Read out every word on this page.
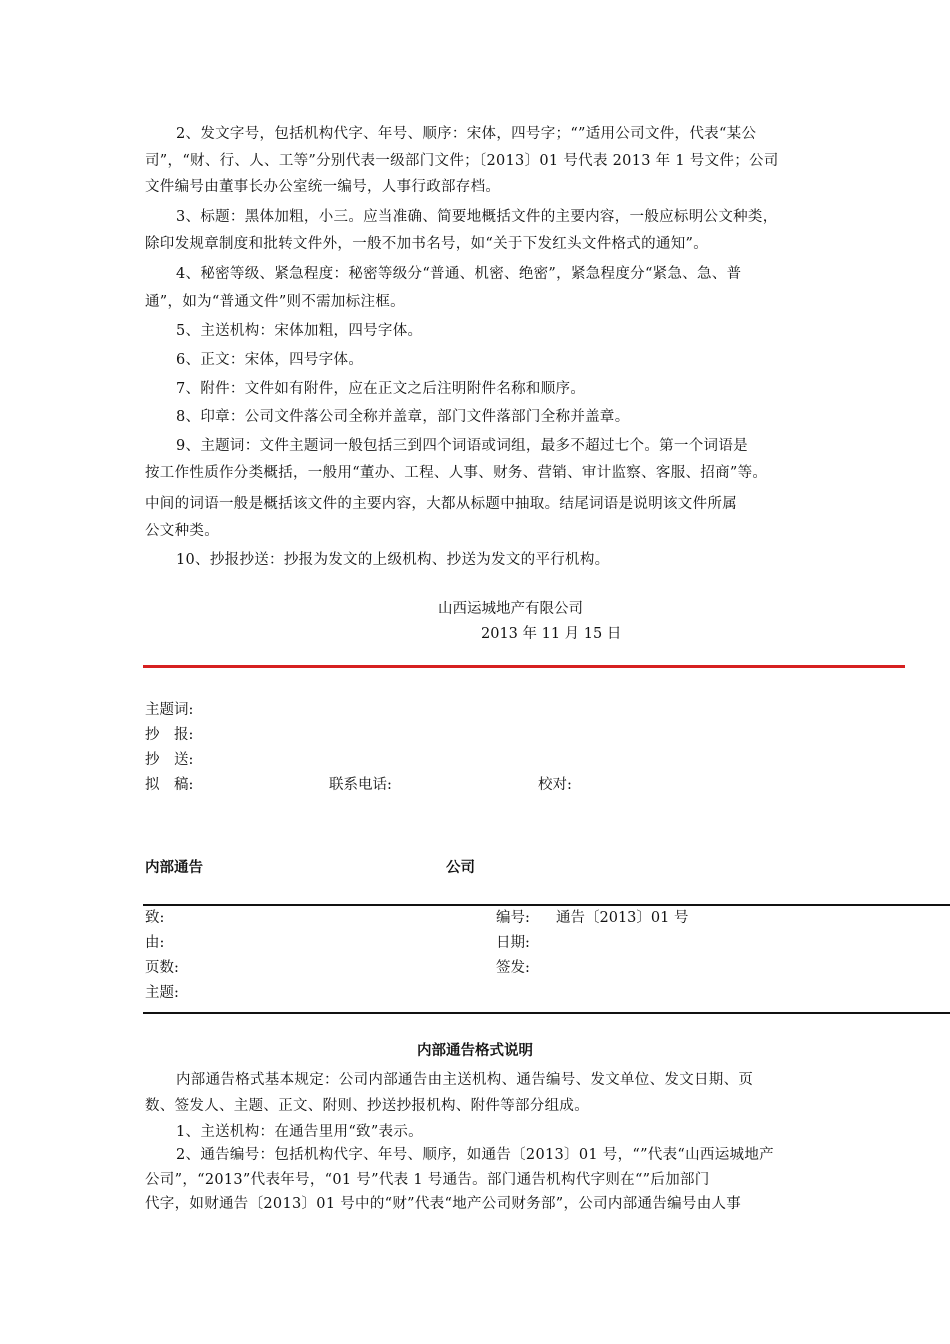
2、发文字号，包括机构代字、年号、顺序：宋体，四号字；“”适用公司文件，代表“某公
司”，“财、行、人、工等”分别代表一级部门文件；〔2013〕01 号代表 2013 年 1 号文件；公司
文件编号由董事长办公室统一编号，人事行政部存档。
3、标题：黑体加粗，小三。应当准确、简要地概括文件的主要内容，一般应标明公文种类，
除印发规章制度和批转文件外，一般不加书名号，如“关于下发红头文件格式的通知”。
4、秘密等级、紧急程度：秘密等级分“普通、机密、绝密”，紧急程度分“紧急、急、普
通”，如为“普通文件”则不需加标注框。
5、主送机构：宋体加粗，四号字体。
6、正文：宋体，四号字体。
7、附件：文件如有附件，应在正文之后注明附件名称和顺序。
8、印章：公司文件落公司全称并盖章，部门文件落部门全称并盖章。
9、主题词：文件主题词一般包括三到四个词语或词组，最多不超过七个。第一个词语是
按工作性质作分类概括，一般用“董办、工程、人事、财务、营销、审计监察、客服、招商”等。
中间的词语一般是概括该文件的主要内容，大都从标题中抽取。结尾词语是说明该文件所属
公文种类。
10、抄报抄送：抄报为发文的上级机构、抄送为发文的平行机构。
山西运城地产有限公司
2013 年 11 月 15 日
主题词:
抄　报:
抄　送:
拟　稿:	联系电话:	校对:
内部通告	公司
致:	编号: 通告〔2013〕01 号
由:	日期:
页数:	签发:
主题:
内部通告格式说明
内部通告格式基本规定：公司内部通告由主送机构、通告编号、发文单位、发文日期、页
数、签发人、主题、正文、附则、抄送抄报机构、附件等部分组成。
1、主送机构：在通告里用“致”表示。
2、通告编号：包括机构代字、年号、顺序，如通告〔2013〕01 号，“”代表“山西运城地产
公司”，“2013”代表年号，“01 号”代表 1 号通告。部门通告机构代字则在“”后加部门
代字，如财通告〔2013〕01 号中的“财”代表“地产公司财务部”，公司内部通告编号由人事
